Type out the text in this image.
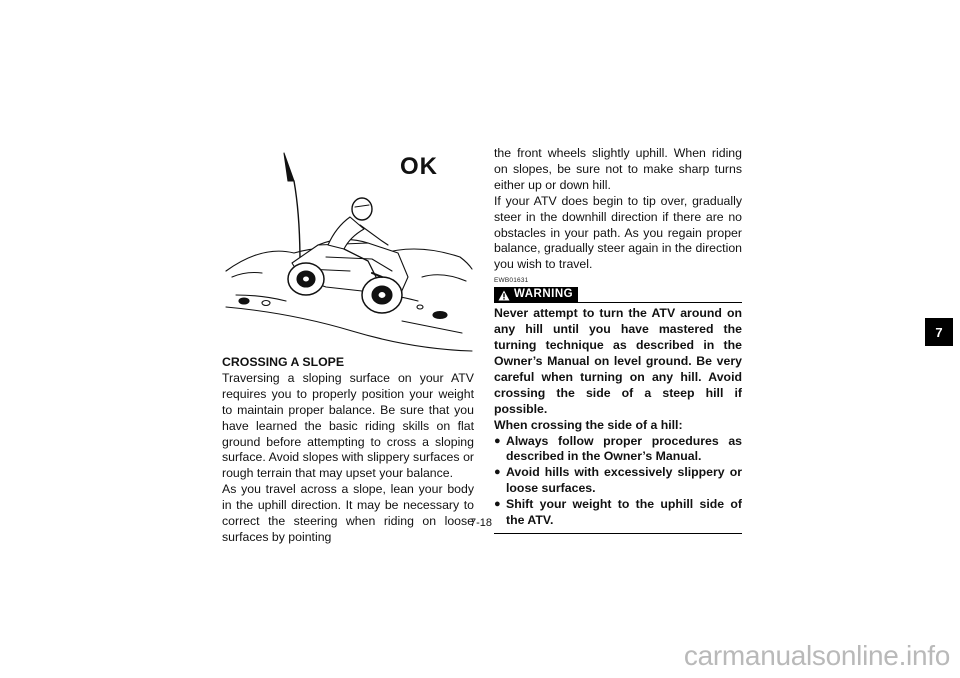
OK

CROSSING A SLOPE

Traversing a sloping surface on your ATV requires you to properly position your weight to maintain proper balance. Be sure that you have learned the basic riding skills on flat ground before attempting to cross a sloping surface. Avoid slopes with slippery surfaces or rough terrain that may upset your balance.

As you travel across a slope, lean your body in the uphill direction. It may be necessary to correct the steering when riding on loose surfaces by pointing

the front wheels slightly uphill. When riding on slopes, be sure not to make sharp turns either up or down hill.

If your ATV does begin to tip over, gradually steer in the downhill direction if there are no obstacles in your path. As you regain proper balance, gradually steer again in the direction you wish to travel.

EWB01631
WARNING

Never attempt to turn the ATV around on any hill until you have mastered the turning technique as described in the Owner’s Manual on level ground. Be very careful when turning on any hill. Avoid crossing the side of a steep hill if possible.

When crossing the side of a hill:

● Always follow proper procedures as described in the Owner’s Manual.
● Avoid hills with excessively slippery or loose surfaces.
● Shift your weight to the uphill side of the ATV.
7
7-18
carmanualsonline.info
